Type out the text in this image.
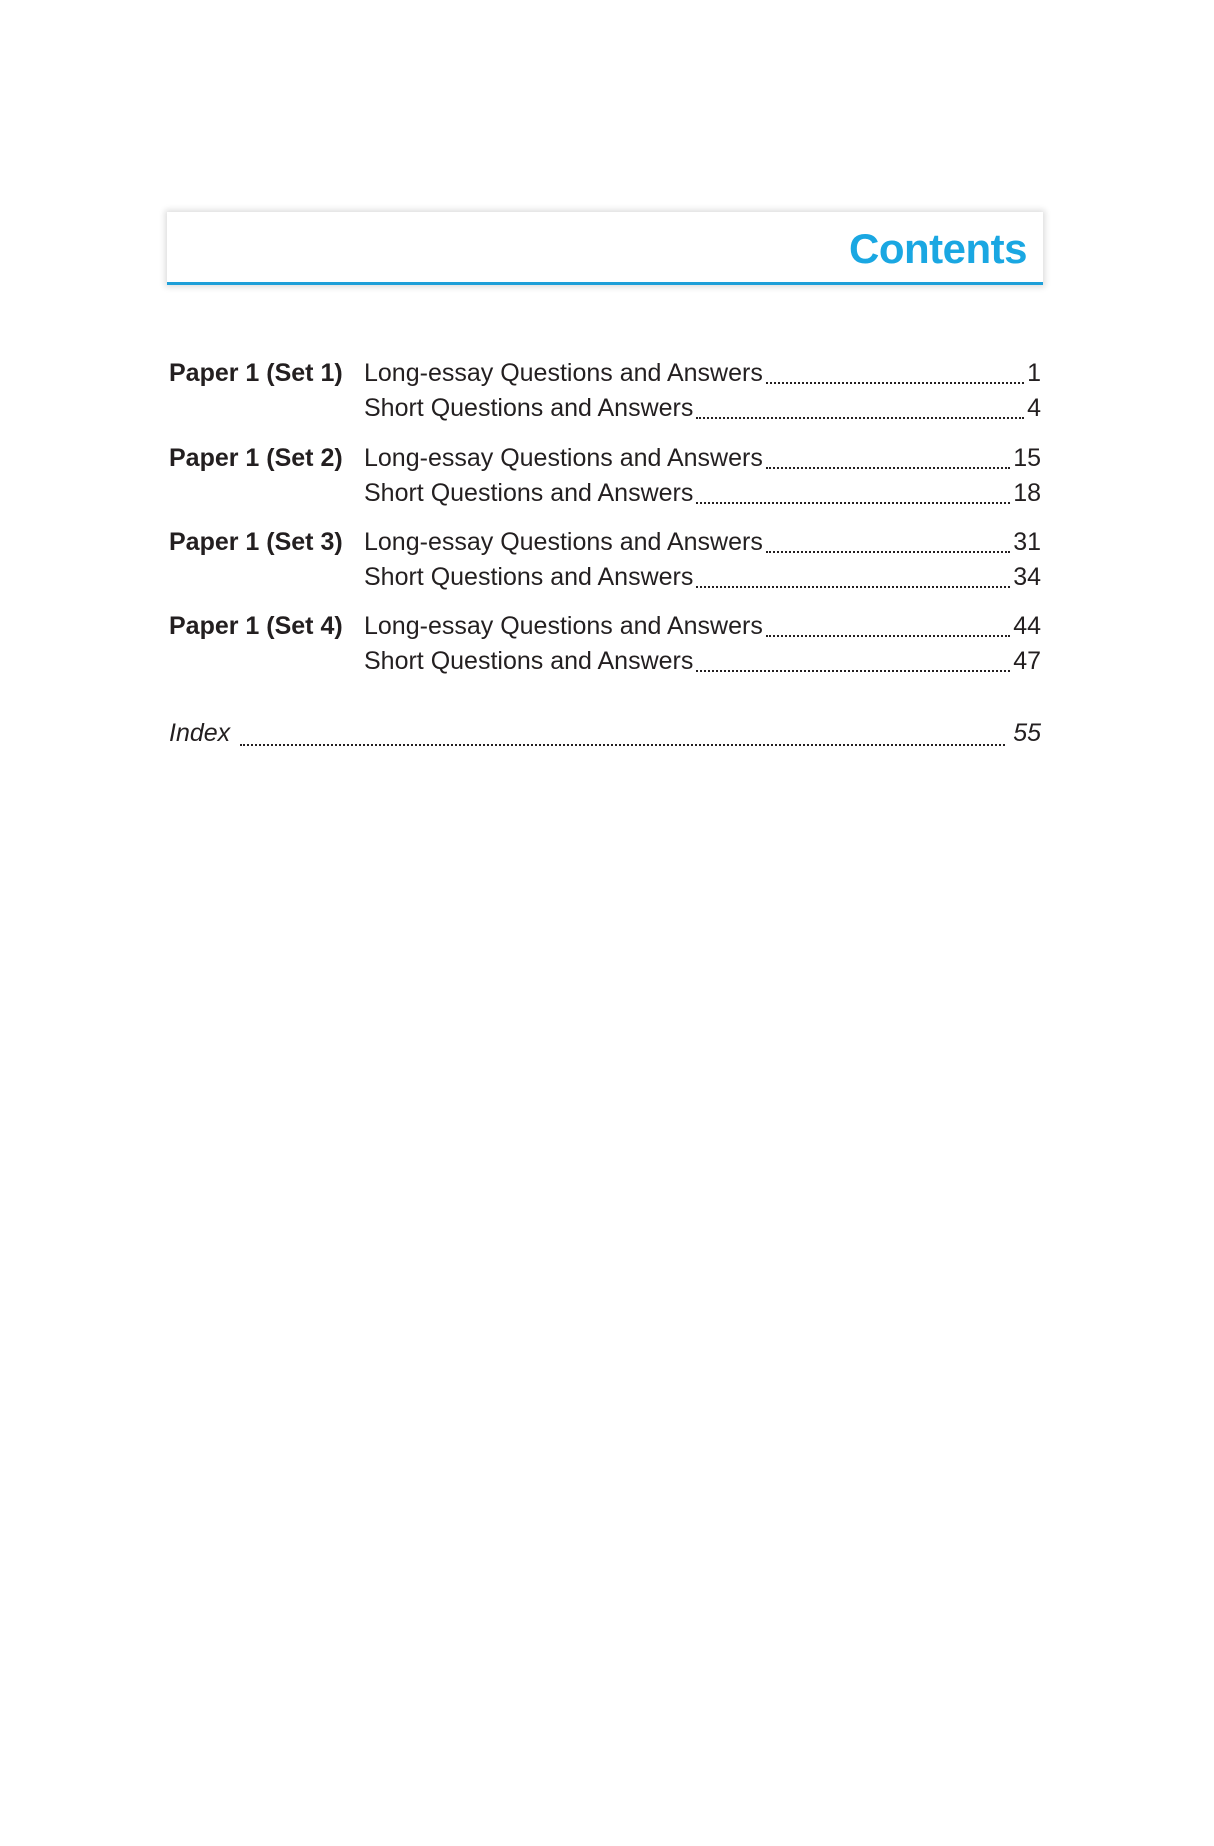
Contents
Paper 1 (Set 1) Long-essay Questions and Answers	1
Short Questions and Answers	4
Paper 1 (Set 2) Long-essay Questions and Answers	15
Short Questions and Answers	18
Paper 1 (Set 3) Long-essay Questions and Answers	31
Short Questions and Answers	34
Paper 1 (Set 4) Long-essay Questions and Answers	44
Short Questions and Answers	47
Index	55
